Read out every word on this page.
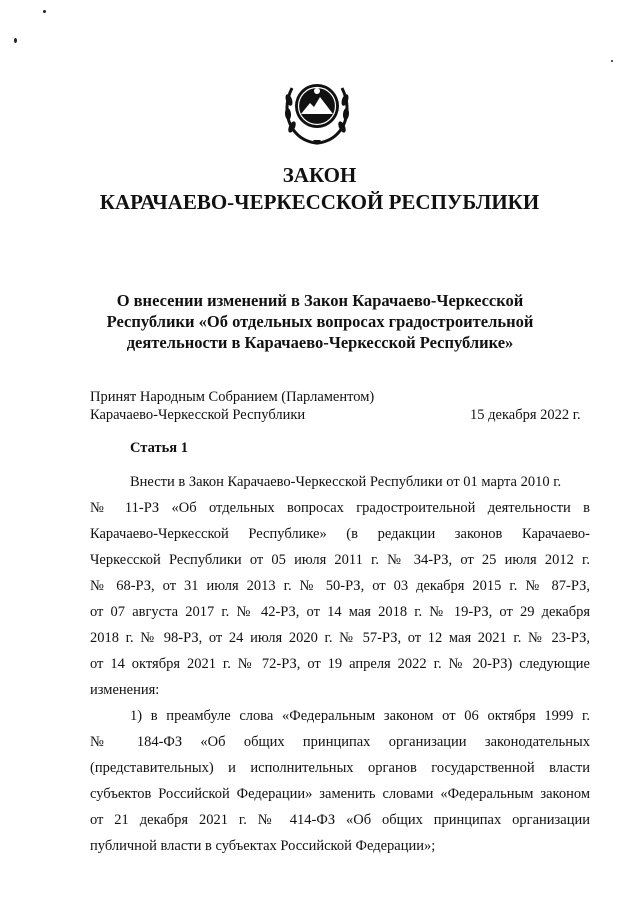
ЗАКОН
КАРАЧАЕВО-ЧЕРКЕССКОЙ РЕСПУБЛИКИ
О внесении изменений в Закон Карачаево-Черкесской
Республики «Об отдельных вопросах градостроительной
деятельности в Карачаево-Черкесской Республике»
Принят Народным Собранием (Парламентом)
Карачаево-Черкесской Республики	15 декабря 2022 г.
Статья 1
Внести в Закон Карачаево-Черкесской Республики от 01 марта 2010 г.
№ 11-РЗ «Об отдельных вопросах градостроительной деятельности в
Карачаево-Черкесской Республике» (в редакции законов Карачаево-
Черкесской Республики от 05 июля 2011 г. № 34-РЗ, от 25 июля 2012 г.
№ 68-РЗ, от 31 июля 2013 г. № 50-РЗ, от 03 декабря 2015 г. № 87-РЗ,
от 07 августа 2017 г. № 42-РЗ, от 14 мая 2018 г. № 19-РЗ, от 29 декабря
2018 г. № 98-РЗ, от 24 июля 2020 г. № 57-РЗ, от 12 мая 2021 г. № 23-РЗ,
от 14 октября 2021 г. № 72-РЗ, от 19 апреля 2022 г. № 20-РЗ) следующие
изменения:
1) в преамбуле слова «Федеральным законом от 06 октября 1999 г.
№ 184-ФЗ «Об общих принципах организации законодательных
(представительных) и исполнительных органов государственной власти
субъектов Российской Федерации» заменить словами «Федеральным законом
от 21 декабря 2021 г. № 414-ФЗ «Об общих принципах организации
публичной власти в субъектах Российской Федерации»;
